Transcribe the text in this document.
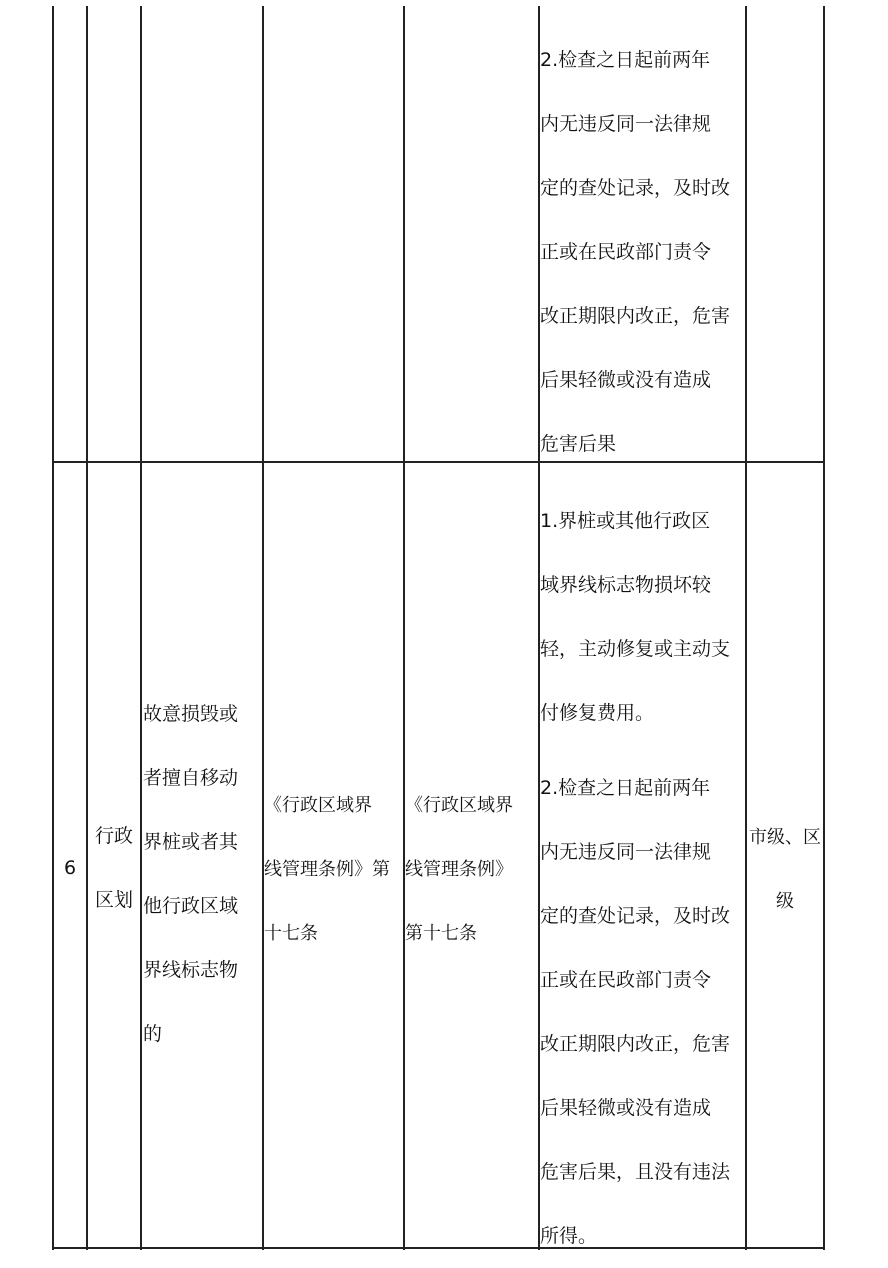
2.检查之日起前两年
内无违反同一法律规
定的查处记录，及时改
正或在民政部门责令
改正期限内改正，危害
后果轻微或没有造成
危害后果
6
行政
区划
故意损毁或
者擅自移动
界桩或者其
他行政区域
界线标志物
的
《行政区域界
线管理条例》第
十七条
《行政区域界
线管理条例》
第十七条
1.界桩或其他行政区
域界线标志物损坏较
轻，主动修复或主动支
付修复费用。
2.检查之日起前两年
内无违反同一法律规
定的查处记录，及时改
正或在民政部门责令
改正期限内改正，危害
后果轻微或没有造成
危害后果，且没有违法
所得。
市级、区
级
